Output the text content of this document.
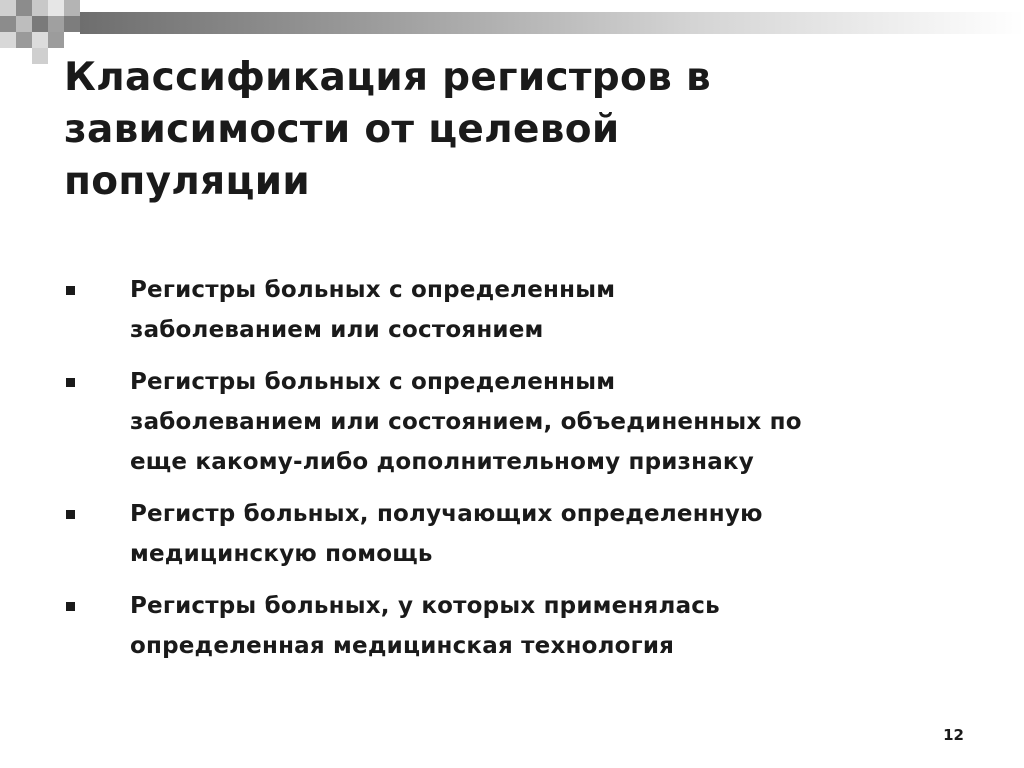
Классификация регистров в
зависимости от целевой
популяции
Регистры больных с определенным
заболеванием или состоянием
Регистры больных с определенным
заболеванием или состоянием, объединенных по
еще какому-либо дополнительному признаку
Регистр больных, получающих определенную
медицинскую помощь
Регистры больных, у которых применялась
определенная медицинская технология
12
